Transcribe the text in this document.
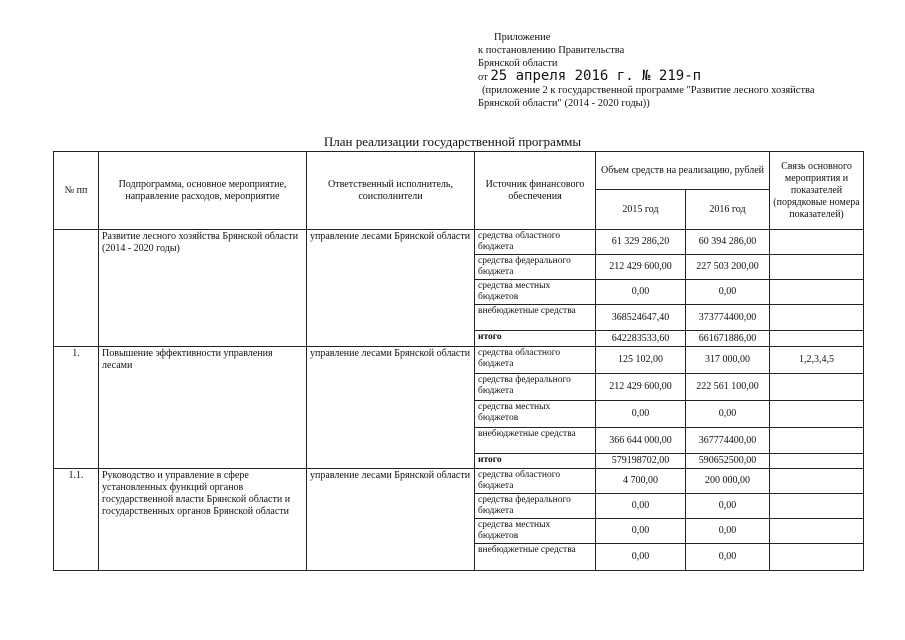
Приложение
к постановлению Правительства
Брянской области
от 25 апреля 2016 г. № 219-п
(приложение 2 к государственной программе "Развитие лесного хозяйства
Брянской области" (2014 - 2020 годы))
План реализации государственной программы
№ пп	Подпрограмма, основное мероприятие, направление расходов, мероприятие	Ответственный исполнитель, соисполнители	Источник финансового обеспечения	Объем средств на реализацию, рублей		Связь основного мероприятия и показателей (порядковые номера показателей)
				2015 год	2016 год	
	Развитие лесного хозяйства Брянской области (2014 - 2020 годы)	управление лесами Брянской области	средства областного бюджета	61 329 286,20	60 394 286,00	
			средства федерального бюджета	212 429 600,00	227 503 200,00	
			средства местных бюджетов	0,00	0,00	
			внебюджетные средства	368524647,40	373774400,00	
			итого	642283533,60	661671886,00	
1.	Повышение эффективности управления лесами	управление лесами Брянской области	средства областного бюджета	125 102,00	317 000,00	1,2,3,4,5
			средства федерального бюджета	212 429 600,00	222 561 100,00	
			средства местных бюджетов	0,00	0,00	
			внебюджетные средства	366 644 000,00	367774400,00	
			итого	579198702,00	590652500,00	
1.1.	Руководство и управление в сфере установленных функций органов государственной власти Брянской области и государственных органов Брянской области	управление лесами Брянской области	средства областного бюджета	4 700,00	200 000,00	
			средства федерального бюджета	0,00	0,00	
			средства местных бюджетов	0,00	0,00	
			внебюджетные средства	0,00	0,00	
